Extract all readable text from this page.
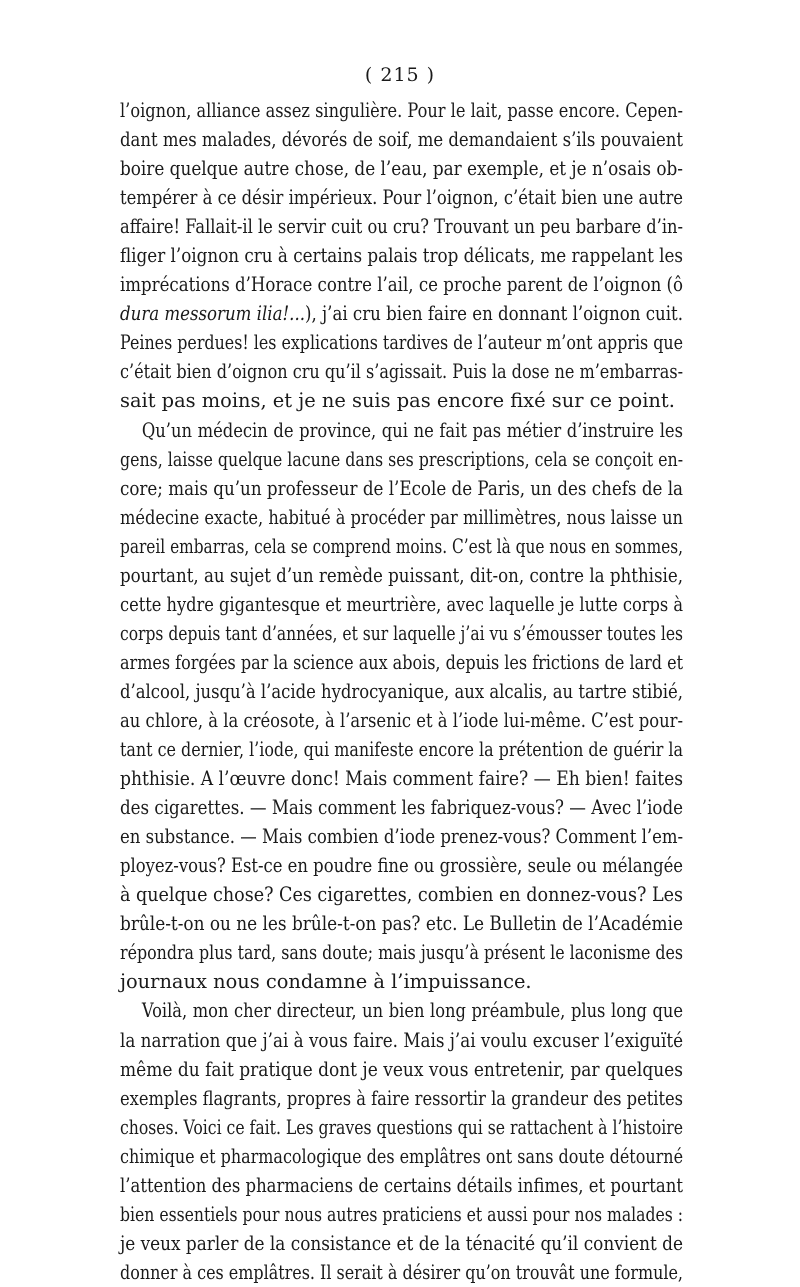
( 215 )
l’oignon, alliance assez singulière. Pour le lait, passe encore. Cepen-
dant mes malades, dévorés de soif, me demandaient s’ils pouvaient
boire quelque autre chose, de l’eau, par exemple, et je n’osais ob-
tempérer à ce désir impérieux. Pour l’oignon, c’était bien une autre
affaire! Fallait-il le servir cuit ou cru? Trouvant un peu barbare d’in-
fliger l’oignon cru à certains palais trop délicats, me rappelant les
imprécations d’Horace contre l’ail, ce proche parent de l’oignon (ô
dura messorum ilia!...), j’ai cru bien faire en donnant l’oignon cuit.
Peines perdues! les explications tardives de l’auteur m’ont appris que
c’était bien d’oignon cru qu’il s’agissait. Puis la dose ne m’embarras-
sait pas moins, et je ne suis pas encore fixé sur ce point.
Qu’un médecin de province, qui ne fait pas métier d’instruire les
gens, laisse quelque lacune dans ses prescriptions, cela se conçoit en-
core; mais qu’un professeur de l’Ecole de Paris, un des chefs de la
médecine exacte, habitué à procéder par millimètres, nous laisse un
pareil embarras, cela se comprend moins. C’est là que nous en sommes,
pourtant, au sujet d’un remède puissant, dit-on, contre la phthisie,
cette hydre gigantesque et meurtrière, avec laquelle je lutte corps à
corps depuis tant d’années, et sur laquelle j’ai vu s’émousser toutes les
armes forgées par la science aux abois, depuis les frictions de lard et
d’alcool, jusqu’à l’acide hydrocyanique, aux alcalis, au tartre stibié,
au chlore, à la créosote, à l’arsenic et à l’iode lui-même. C’est pour-
tant ce dernier, l’iode, qui manifeste encore la prétention de guérir la
phthisie. A l’œuvre donc! Mais comment faire? — Eh bien! faites
des cigarettes. — Mais comment les fabriquez-vous? — Avec l’iode
en substance. — Mais combien d’iode prenez-vous? Comment l’em-
ployez-vous? Est-ce en poudre fine ou grossière, seule ou mélangée
à quelque chose? Ces cigarettes, combien en donnez-vous? Les
brûle-t-on ou ne les brûle-t-on pas? etc. Le Bulletin de l’Académie
répondra plus tard, sans doute; mais jusqu’à présent le laconisme des
journaux nous condamne à l’impuissance.
Voilà, mon cher directeur, un bien long préambule, plus long que
la narration que j’ai à vous faire. Mais j’ai voulu excuser l’exiguïté
même du fait pratique dont je veux vous entretenir, par quelques
exemples flagrants, propres à faire ressortir la grandeur des petites
choses. Voici ce fait. Les graves questions qui se rattachent à l’histoire
chimique et pharmacologique des emplâtres ont sans doute détourné
l’attention des pharmaciens de certains détails infimes, et pourtant
bien essentiels pour nous autres praticiens et aussi pour nos malades :
je veux parler de la consistance et de la ténacité qu’il convient de
donner à ces emplâtres. Il serait à désirer qu’on trouvât une formule,
